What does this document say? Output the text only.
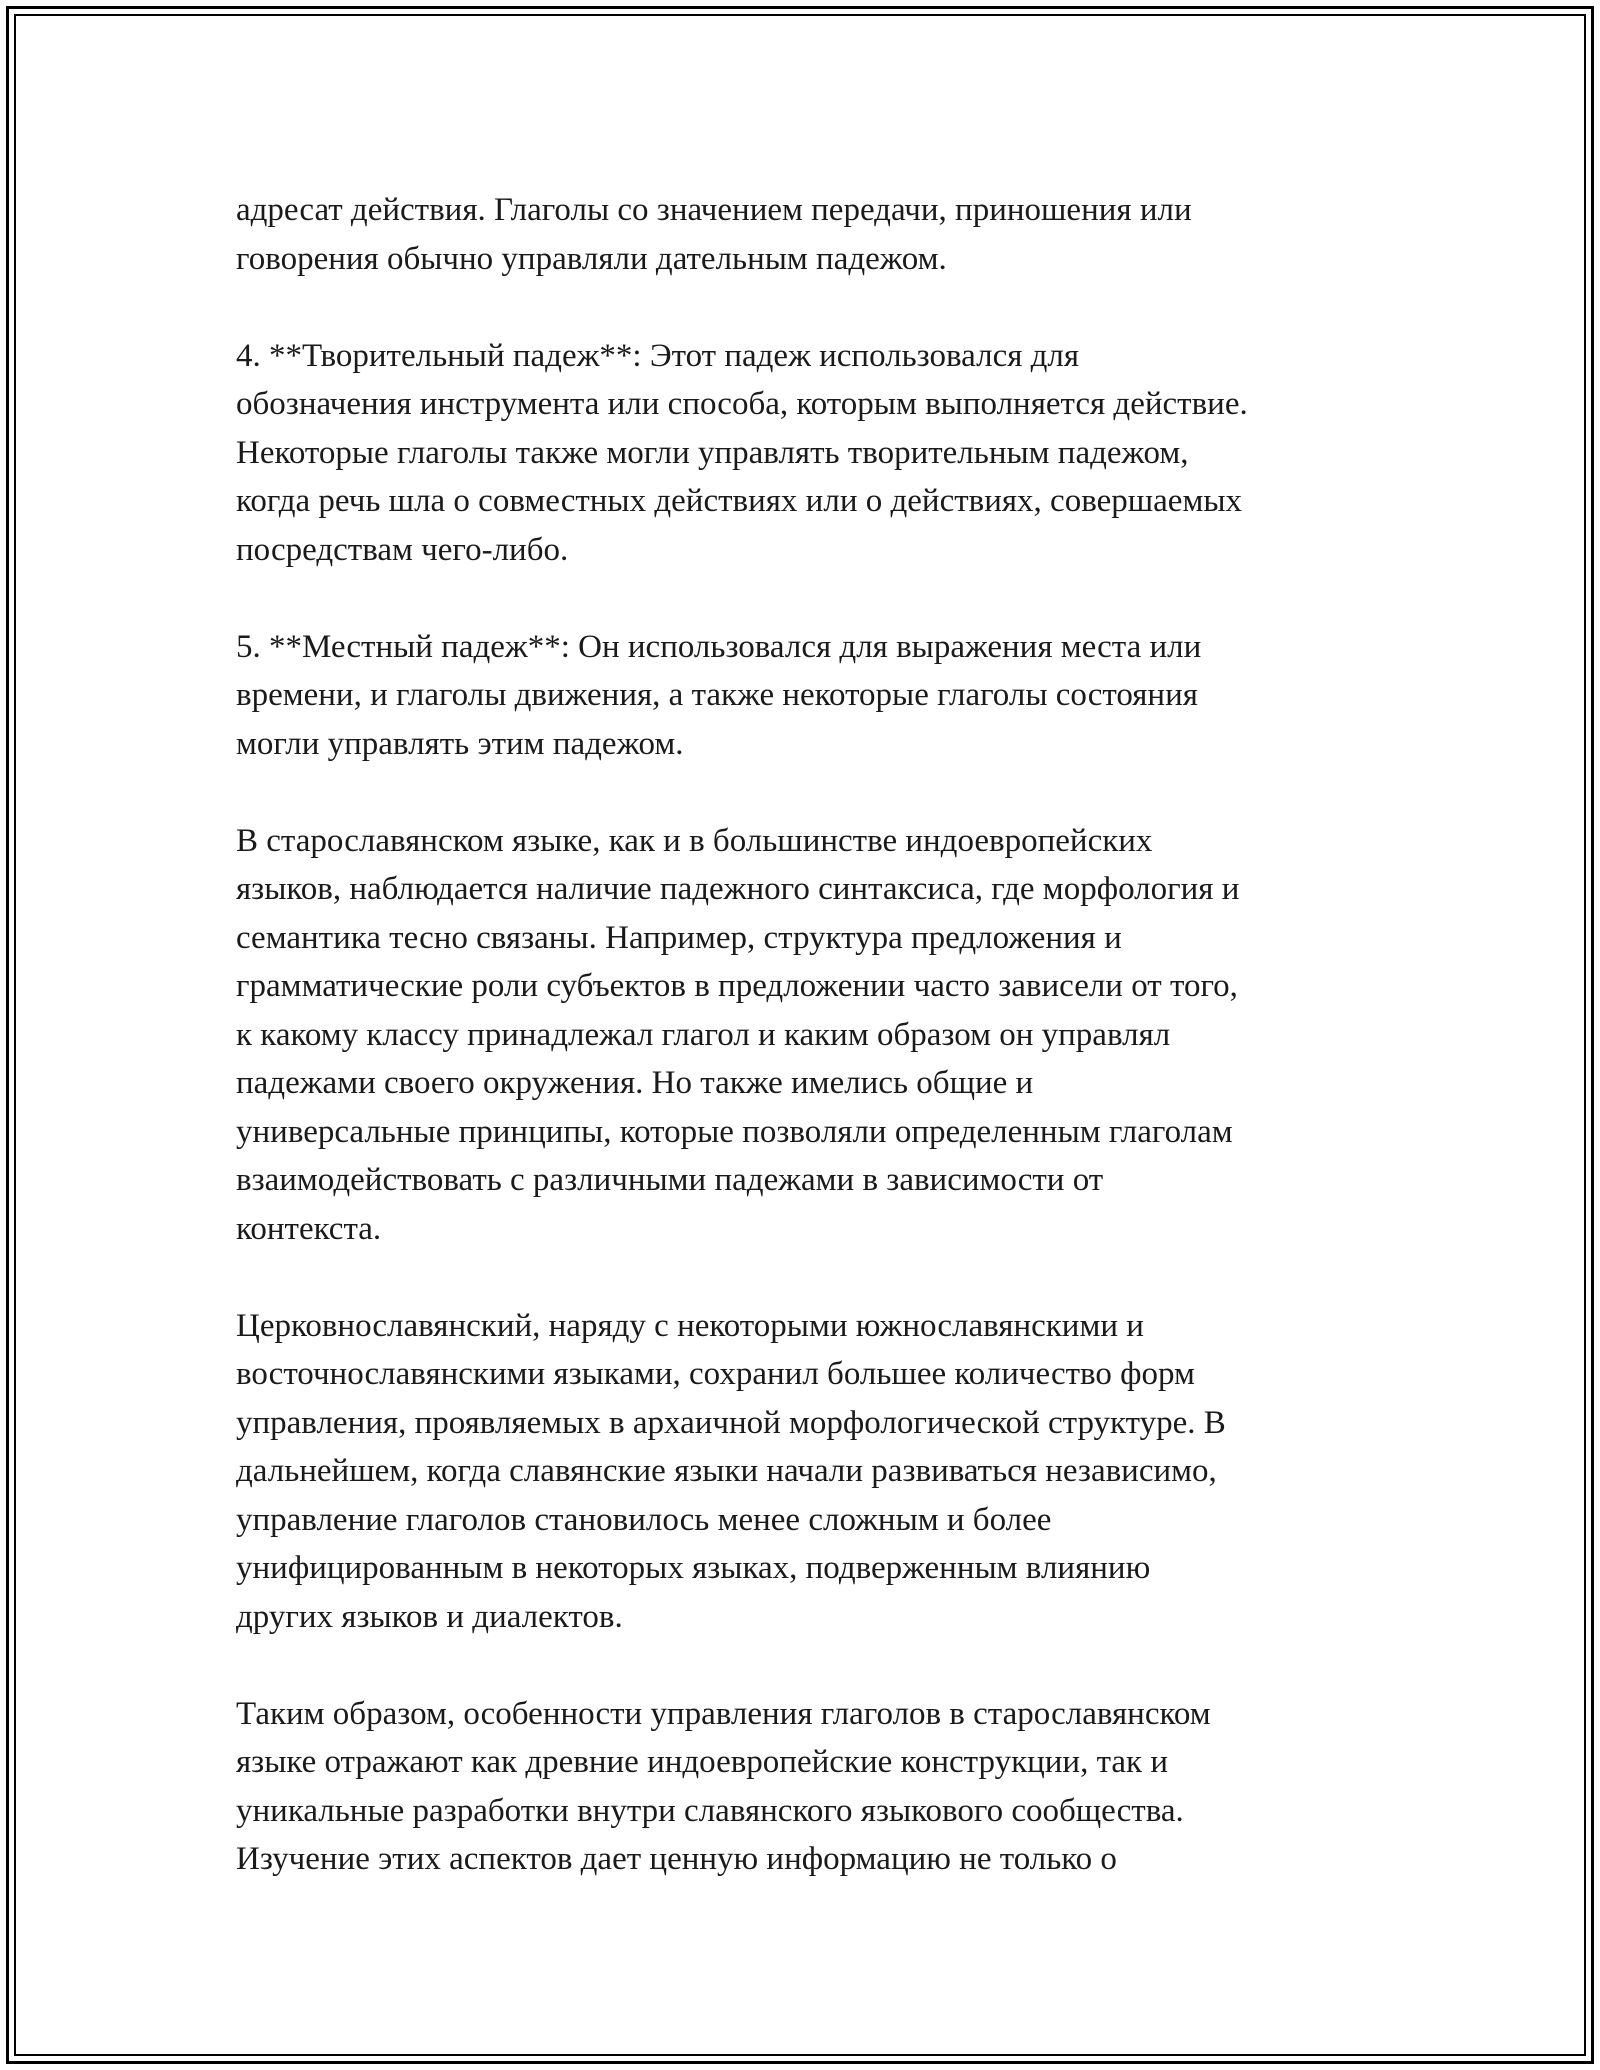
адресат действия. Глаголы со значением передачи, приношения или
говорения обычно управляли дательным падежом.
4. **Творительный падеж**: Этот падеж использовался для
обозначения инструмента или способа, которым выполняется действие.
Некоторые глаголы также могли управлять творительным падежом,
когда речь шла о совместных действиях или о действиях, совершаемых
посредствам чего-либо.
5. **Местный падеж**: Он использовался для выражения места или
времени, и глаголы движения, а также некоторые глаголы состояния
могли управлять этим падежом.
В старославянском языке, как и в большинстве индоевропейских
языков, наблюдается наличие падежного синтаксиса, где морфология и
семантика тесно связаны. Например, структура предложения и
грамматические роли субъектов в предложении часто зависели от того,
к какому классу принадлежал глагол и каким образом он управлял
падежами своего окружения. Но также имелись общие и
универсальные принципы, которые позволяли определенным глаголам
взаимодействовать с различными падежами в зависимости от
контекста.
Церковнославянский, наряду с некоторыми южнославянскими и
восточнославянскими языками, сохранил большее количество форм
управления, проявляемых в архаичной морфологической структуре. В
дальнейшем, когда славянские языки начали развиваться независимо,
управление глаголов становилось менее сложным и более
унифицированным в некоторых языках, подверженным влиянию
других языков и диалектов.
Таким образом, особенности управления глаголов в старославянском
языке отражают как древние индоевропейские конструкции, так и
уникальные разработки внутри славянского языкового сообщества.
Изучение этих аспектов дает ценную информацию не только о
